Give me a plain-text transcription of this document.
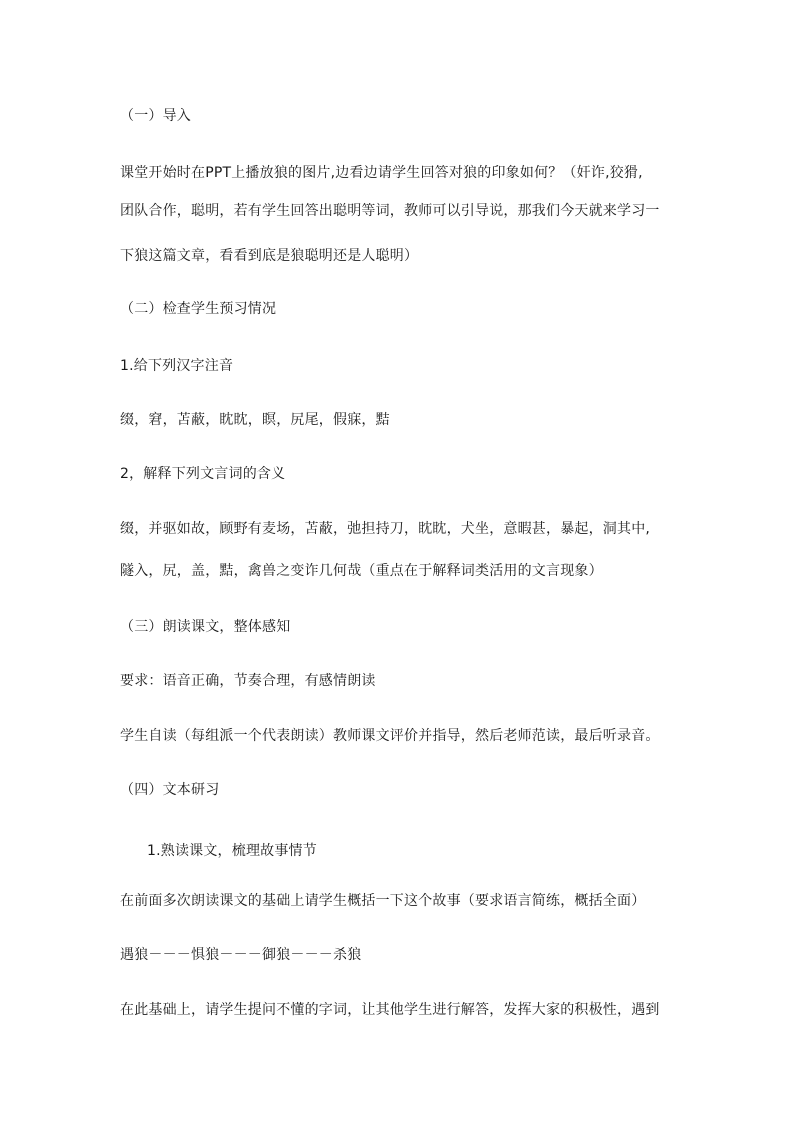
（一）导入
课堂开始时在PPT上播放狼的图片,边看边请学生回答对狼的印象如何？（奸诈,狡猾,
团队合作，聪明，若有学生回答出聪明等词，教师可以引导说，那我们今天就来学习一
下狼这篇文章，看看到底是狼聪明还是人聪明）
（二）检查学生预习情况
1.给下列汉字注音
缀，窘，苫蔽，眈眈，瞑，尻尾，假寐，黠
2，解释下列文言词的含义
缀，并驱如故，顾野有麦场，苫蔽，弛担持刀，眈眈，犬坐，意暇甚，暴起，洞其中,
隧入，尻，盖，黠，禽兽之变诈几何哉（重点在于解释词类活用的文言现象）
（三）朗读课文，整体感知
要求：语音正确，节奏合理，有感情朗读
学生自读（每组派一个代表朗读）教师课文评价并指导，然后老师范读，最后听录音。
（四）文本研习
1.熟读课文，梳理故事情节
在前面多次朗读课文的基础上请学生概括一下这个故事（要求语言简练，概括全面）
遇狼－－－惧狼－－－御狼－－－杀狼
在此基础上，请学生提问不懂的字词，让其他学生进行解答，发挥大家的积极性，遇到
